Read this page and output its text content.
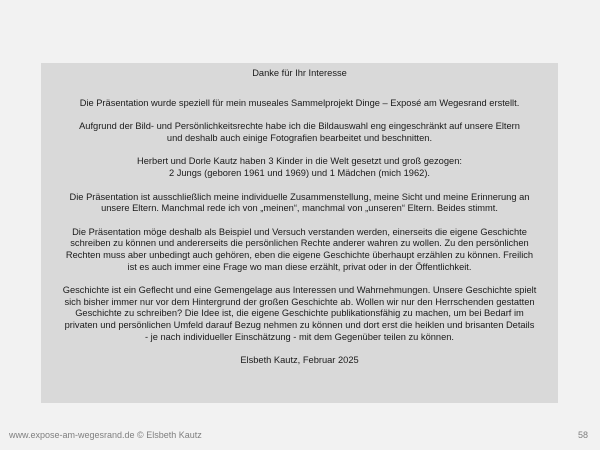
Danke für Ihr Interesse
Die Präsentation wurde speziell für mein museales Sammelprojekt Dinge – Exposé am Wegesrand erstellt.
Aufgrund der Bild- und Persönlichkeitsrechte habe ich die Bildauswahl eng eingeschränkt auf unsere Eltern
und deshalb auch einige Fotografien bearbeitet und beschnitten.
Herbert und Dorle Kautz haben 3 Kinder in die Welt gesetzt und groß gezogen:
2 Jungs (geboren 1961 und 1969) und 1 Mädchen (mich 1962).
Die Präsentation ist ausschließlich meine individuelle Zusammenstellung, meine Sicht und meine Erinnerung an
unsere Eltern. Manchmal rede ich von „meinen“, manchmal von „unseren“ Eltern. Beides stimmt.
Die Präsentation möge deshalb als Beispiel und Versuch verstanden werden, einerseits die eigene Geschichte
schreiben zu können und andererseits die persönlichen Rechte anderer wahren zu wollen. Zu den persönlichen
Rechten muss aber unbedingt auch gehören, eben die eigene Geschichte überhaupt erzählen zu können. Freilich
ist es auch immer eine Frage wo man diese erzählt, privat oder in der Öffentlichkeit.
Geschichte ist ein Geflecht und eine Gemengelage aus Interessen und Wahrnehmungen. Unsere Geschichte spielt
sich bisher immer nur vor dem Hintergrund der großen Geschichte ab. Wollen wir nur den Herrschenden gestatten
Geschichte zu schreiben? Die Idee ist, die eigene Geschichte publikationsfähig zu machen, um bei Bedarf im
privaten und persönlichen Umfeld darauf Bezug nehmen zu können und dort erst die heiklen und brisanten Details
- je nach individueller Einschätzung - mit dem Gegenüber teilen zu können.
Elsbeth Kautz, Februar 2025
www.expose-am-wegesrand.de © Elsbeth Kautz	58
